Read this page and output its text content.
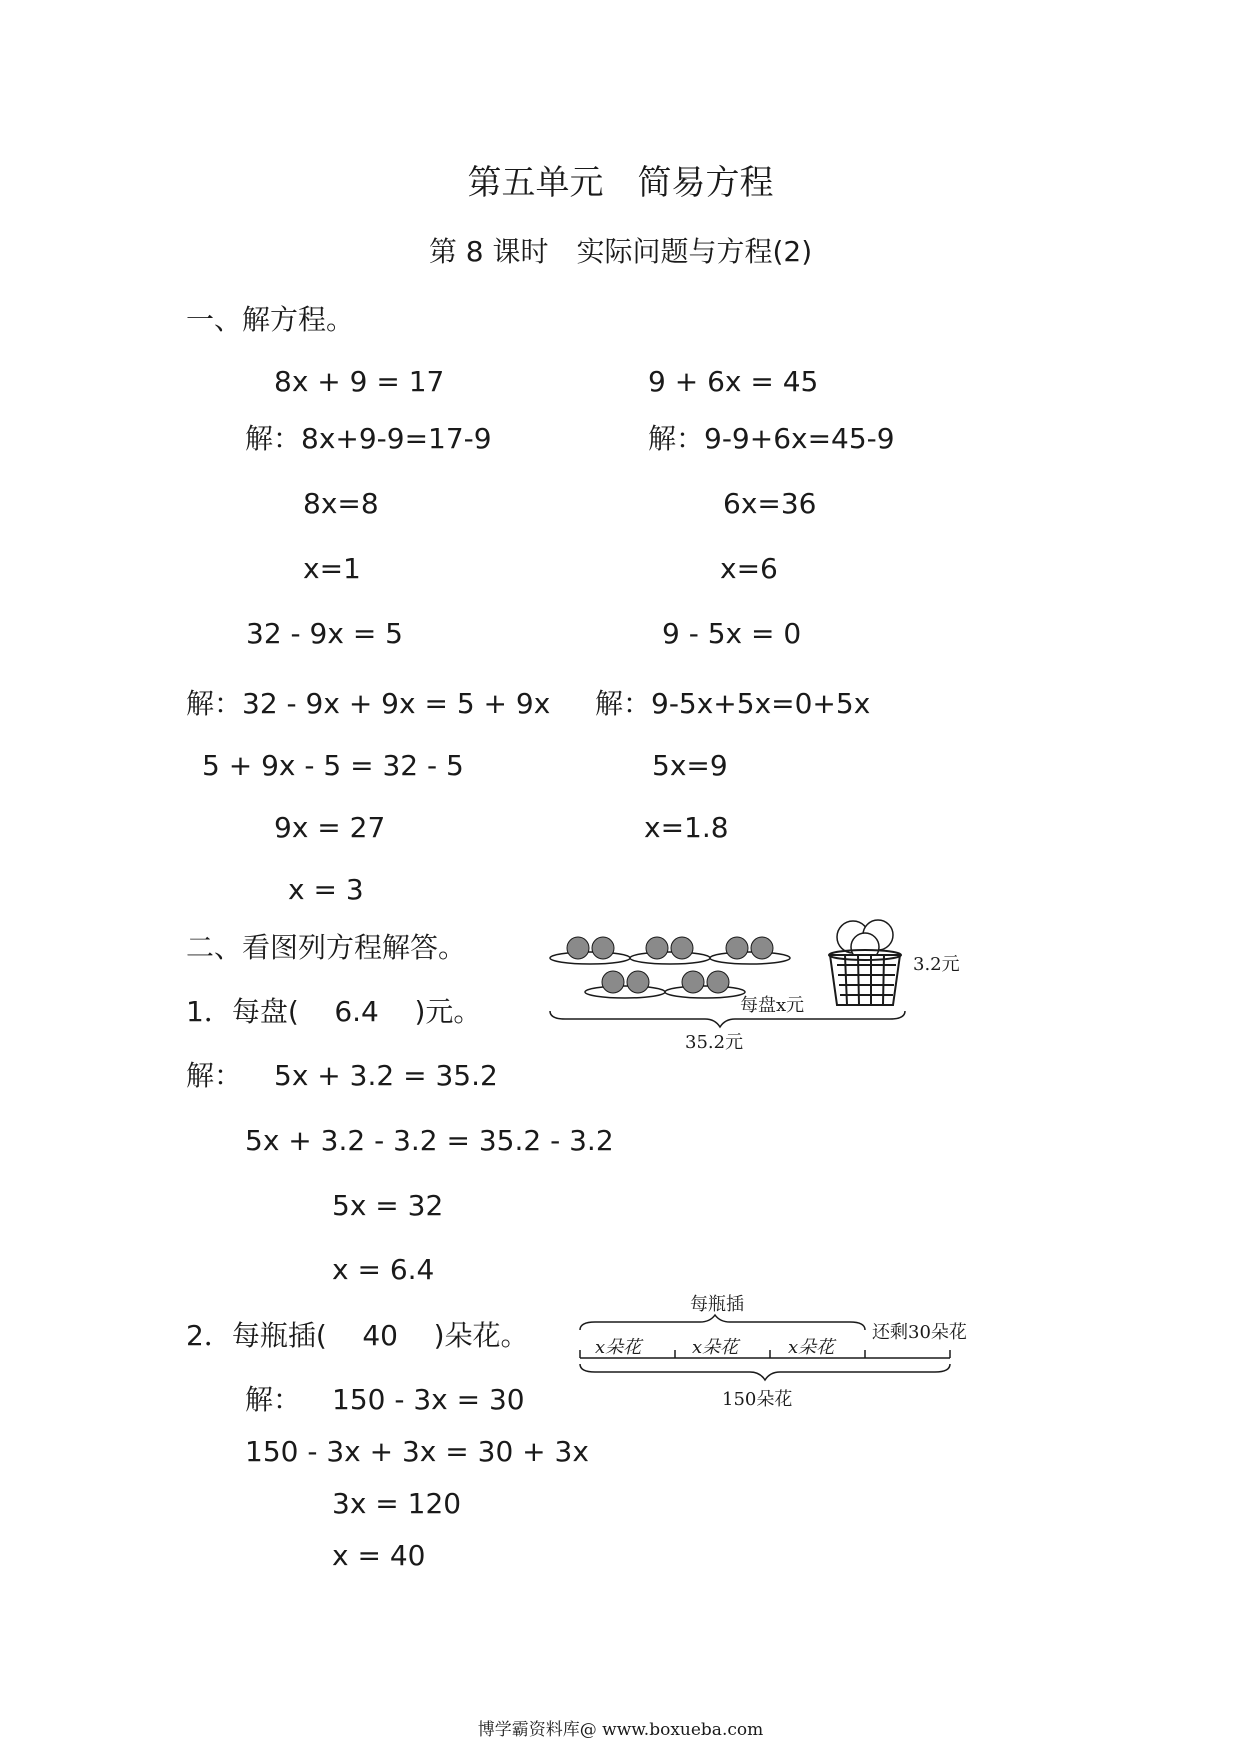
第五单元　简易方程
第 8 课时　实际问题与方程(2)
一、解方程。
8x + 9 = 17
解：8x+9-9=17-9
8x=8
x=1
9 + 6x = 45
解：9-9+6x=45-9
6x=36
x=6
32 - 9x = 5
解：32 - 9x + 9x = 5 + 9x
5 + 9x - 5 = 32 - 5
9x = 27
x = 3
9 - 5x = 0
解：9-5x+5x=0+5x
5x=9
x=1.8
二、看图列方程解答。
1．每盘(    6.4    )元。
解： 5x + 3.2 = 35.2
5x + 3.2 - 3.2 = 35.2 - 3.2
5x = 32
x = 6.4
每盘x元
3.2元
35.2元
2．每瓶插(    40    )朵花。
解： 150 - 3x = 30
150 - 3x + 3x = 30 + 3x
3x = 120
x = 40
每瓶插
x朵花	x朵花	x朵花
还剩30朵花
150朵花
博学霸资料库@ www.boxueba.com
